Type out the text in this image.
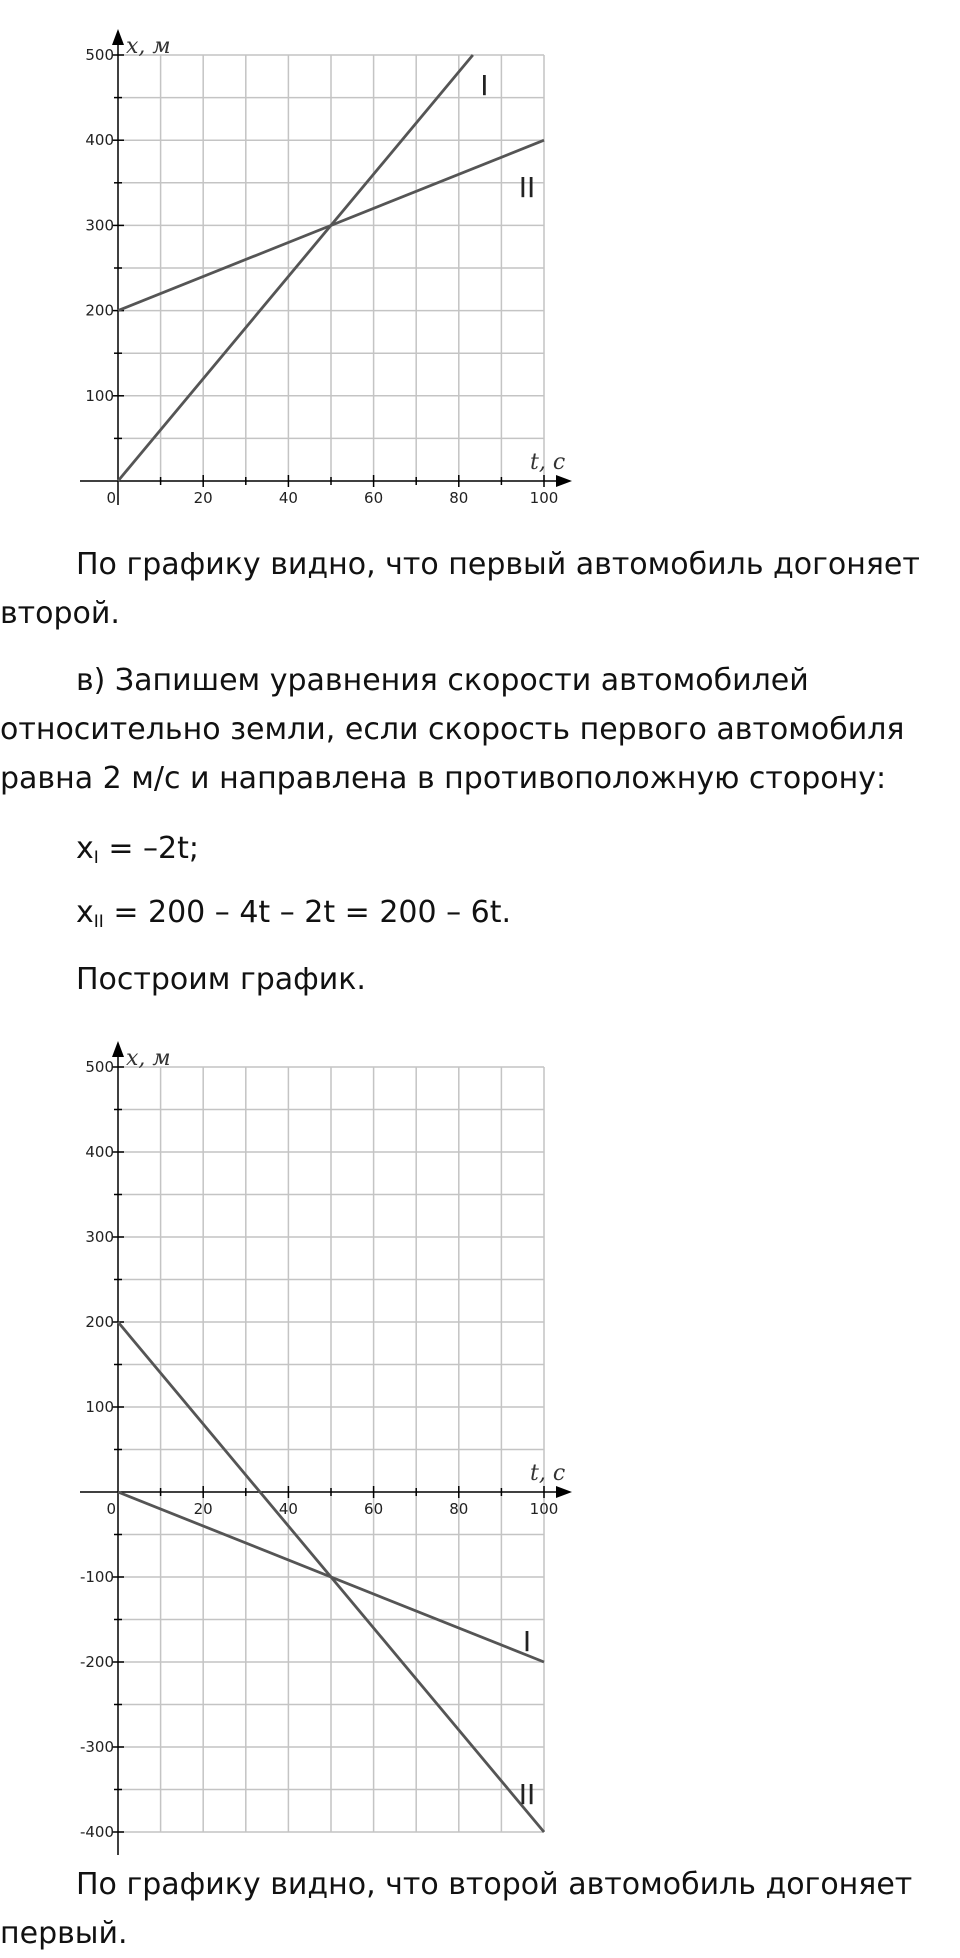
100
200
300
400
500
0	20	40	60	80	100
I
II
x, м
t, c

По графику видно, что первый автомобиль догоняет второй.

в) Запишем уравнения скорости автомобилей относительно земли, если скорость первого автомобиля равна 2 м/с и направлена в противоположную сторону:

$x_I = -2t$;

$x_{II} = 200 - 4t - 2t = 200 - 6t$.

Построим график.

-400
-300
-200
-100
100
200
300
400
500
0	20	40	60	80	100
I
II
x, м
t, c

По графику видно, что второй автомобиль догоняет первый.
